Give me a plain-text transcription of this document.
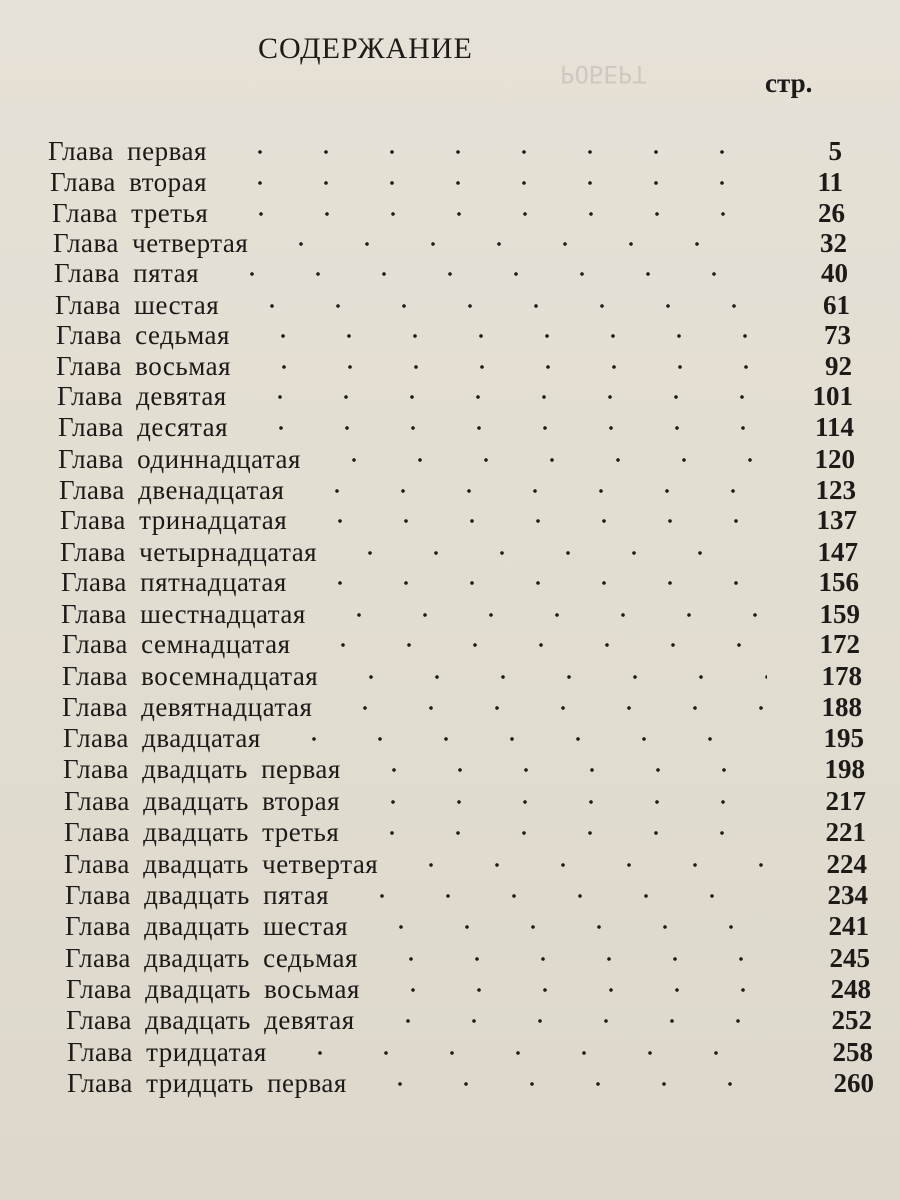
РОБЕРТ
СОДЕРЖАНИЕ
стр.
Глава первая	5
Глава вторая	11
Глава третья	26
Глава четвертая	32
Глава пятая	40
Глава шестая	61
Глава седьмая	73
Глава восьмая	92
Глава девятая	101
Глава десятая	114
Глава одиннадцатая	120
Глава двенадцатая	123
Глава тринадцатая	137
Глава четырнадцатая	147
Глава пятнадцатая	156
Глава шестнадцатая	159
Глава семнадцатая	172
Глава восемнадцатая	178
Глава девятнадцатая	188
Глава двадцатая	195
Глава двадцать первая	198
Глава двадцать вторая	217
Глава двадцать третья	221
Глава двадцать четвертая	224
Глава двадцать пятая	234
Глава двадцать шестая	241
Глава двадцать седьмая	245
Глава двадцать восьмая	248
Глава двадцать девятая	252
Глава тридцатая	258
Глава тридцать первая	260
